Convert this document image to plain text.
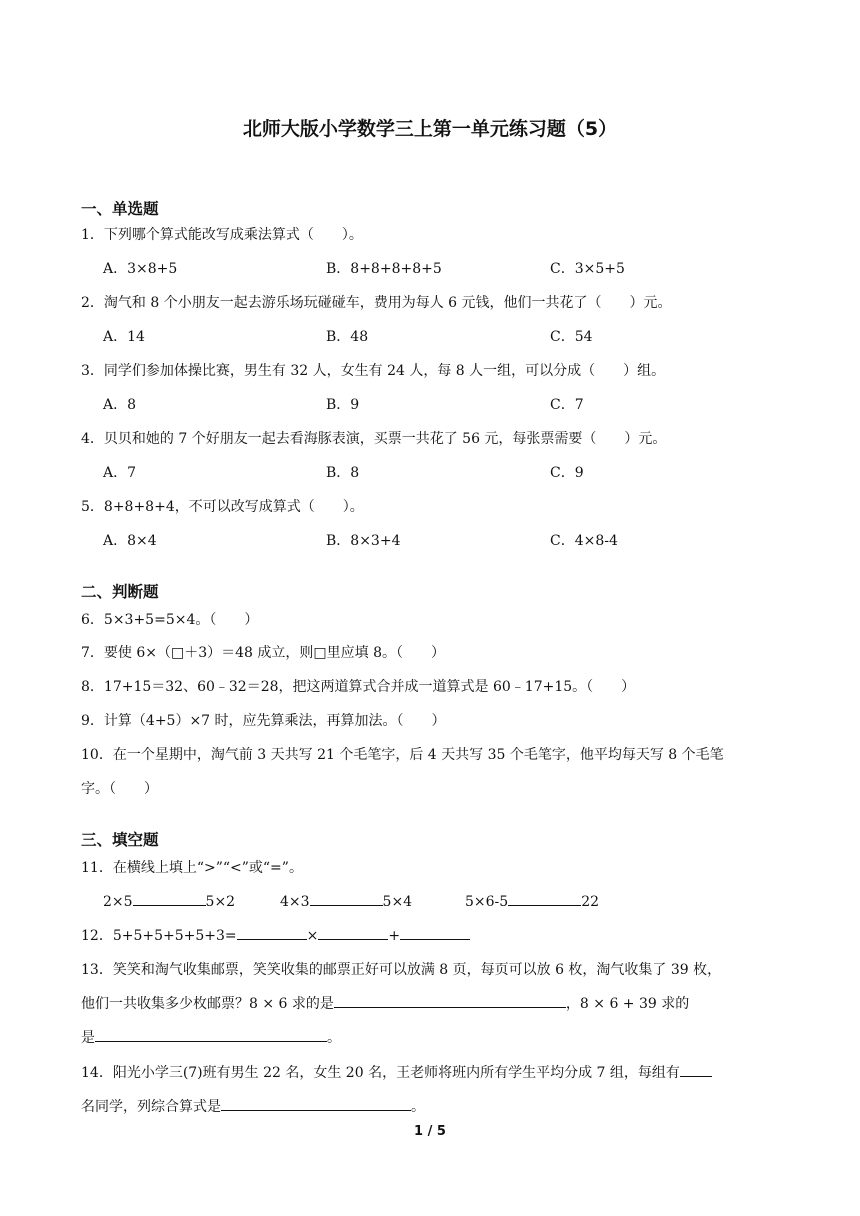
北师大版小学数学三上第一单元练习题（5）
一、单选题
1．下列哪个算式能改写成乘法算式（　　）。
A．3×8+5	B．8+8+8+8+5	C．3×5+5
2．淘气和 8 个小朋友一起去游乐场玩碰碰车，费用为每人 6 元钱，他们一共花了（　　）元。
A．14	B．48	C．54
3．同学们参加体操比赛，男生有 32 人，女生有 24 人，每 8 人一组，可以分成（　　）组。
A．8	B．9	C．7
4．贝贝和她的 7 个好朋友一起去看海豚表演，买票一共花了 56 元，每张票需要（　　）元。
A．7	B．8	C．9
5．8+8+8+4，不可以改写成算式（　　）。
A．8×4	B．8×3+4	C．4×8-4
二、判断题
6．5×3+5=5×4。（　　）
7．要使 6×（□＋3）＝48 成立，则□里应填 8。（　　）
8．17+15＝32、60﹣32＝28，把这两道算式合并成一道算式是 60﹣17+15。（　　）
9．计算（4+5）×7 时，应先算乘法，再算加法。（　　）
10．在一个星期中，淘气前 3 天共写 21 个毛笔字，后 4 天共写 35 个毛笔字，他平均每天写 8 个毛笔
字。（　　）
三、填空题
11．在横线上填上“>”“<”或“=”。
2×5	5×2	4×3	5×4	5×6-5	22
12．5+5+5+5+5+3=	×	+
13．笑笑和淘气收集邮票，笑笑收集的邮票正好可以放满 8 页，每页可以放 6 枚，淘气收集了 39 枚，
他们一共收集多少枚邮票？8 × 6 求的是	，8 × 6 + 39 求的
是	。
14．阳光小学三(7)班有男生 22 名，女生 20 名，王老师将班内所有学生平均分成 7 组，每组有
名同学，列综合算式是	。
1 / 5
